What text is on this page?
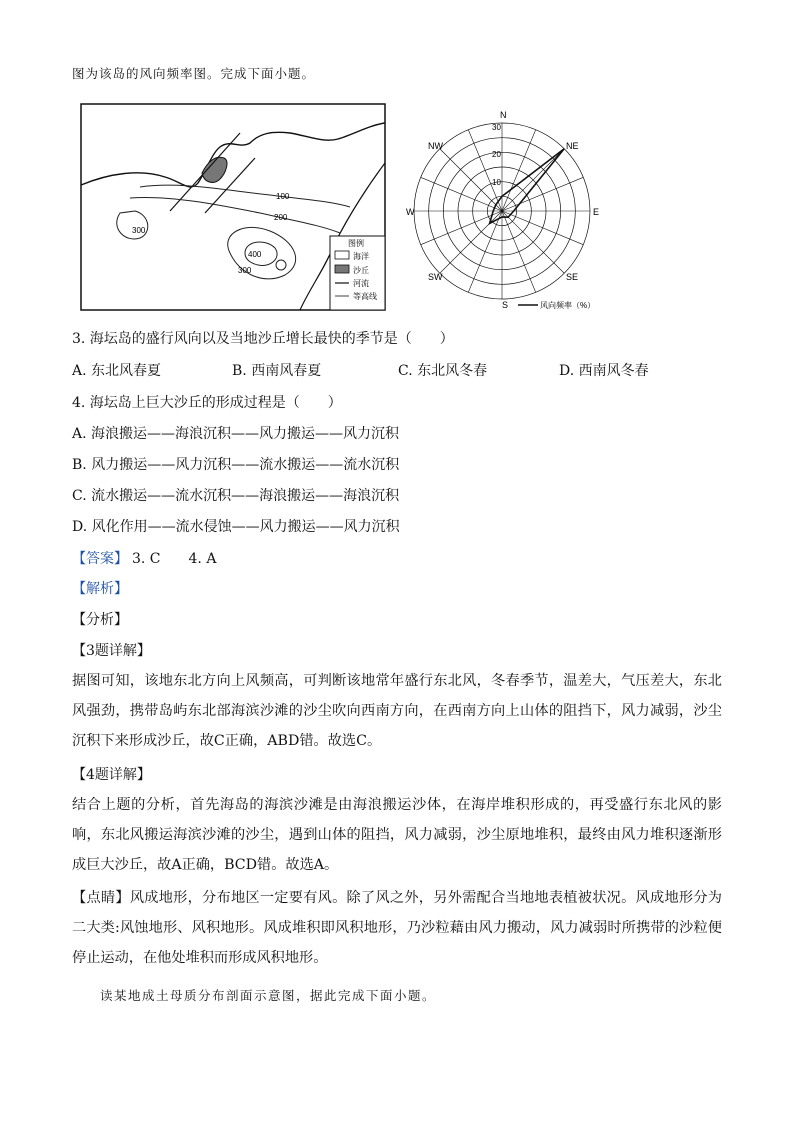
图为该岛的风向频率图。完成下面小题。
100
200
300
400
300
图例
海洋
沙丘
河流
等高线
N
NE
E
SE
S
SW
W
NW
30
20
10
风向频率（%）
3. 海坛岛的盛行风向以及当地沙丘增长最快的季节是（　　）
A. 东北风春夏	B. 西南风春夏	C. 东北风冬春	D. 西南风冬春
4. 海坛岛上巨大沙丘的形成过程是（　　）
A. 海浪搬运——海浪沉积——风力搬运——风力沉积
B. 风力搬运——风力沉积——流水搬运——流水沉积
C. 流水搬运——流水沉积——海浪搬运——海浪沉积
D. 风化作用——流水侵蚀——风力搬运——风力沉积
【答案】 3. C　　4. A
【解析】
【分析】
【3题详解】
据图可知，该地东北方向上风频高，可判断该地常年盛行东北风，冬春季节，温差大，气压差大，东北风强劲，携带岛屿东北部海滨沙滩的沙尘吹向西南方向，在西南方向上山体的阻挡下，风力减弱，沙尘沉积下来形成沙丘，故C正确，ABD错。故选C。
【4题详解】
结合上题的分析，首先海岛的海滨沙滩是由海浪搬运沙体，在海岸堆积形成的，再受盛行东北风的影响，东北风搬运海滨沙滩的沙尘，遇到山体的阻挡，风力减弱，沙尘原地堆积，最终由风力堆积逐渐形成巨大沙丘，故A正确，BCD错。故选A。
【点睛】风成地形，分布地区一定要有风。除了风之外，另外需配合当地地表植被状况。风成地形分为二大类:风蚀地形、风积地形。风成堆积即风积地形，乃沙粒藉由风力搬动，风力减弱时所携带的沙粒便停止运动，在他处堆积而形成风积地形。
读某地成土母质分布剖面示意图，据此完成下面小题。
